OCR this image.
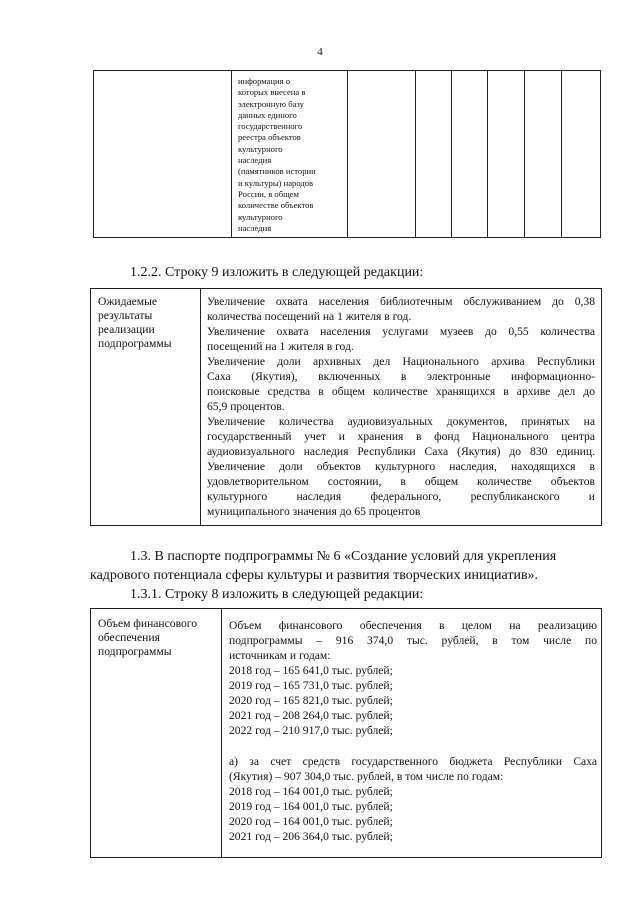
4
информация о
которых внесена в
электронную базу
данных единого
государственного
реестра объектов
культурного
наследия
(памятников истории
и культуры) народов
России, в общем
количестве объектов
культурного
наследия
1.2.2. Строку 9 изложить в следующей редакции:
Ожидаемые
результаты
реализации
подпрограммы
Увеличение охвата населения библиотечным обслуживанием до 0,38
количества посещений на 1 жителя в год.
Увеличение охвата населения услугами музеев до 0,55 количества
посещений на 1 жителя в год.
Увеличение доли архивных дел Национального архива Республики
Саха (Якутия), включенных в электронные информационно-
поисковые средства в общем количестве хранящихся в архиве дел до
65,9 процентов.
Увеличение количества аудиовизуальных документов, принятых на
государственный учет и хранения в фонд Национального центра
аудиовизуального наследия Республики Саха (Якутия) до 830 единиц.
Увеличение доли объектов культурного наследия, находящихся в
удовлетворительном состоянии, в общем количестве объектов
культурного наследия федерального, республиканского и
муниципального значения до 65 процентов
1.3. В паспорте подпрограммы № 6 «Создание условий для укрепления
кадрового потенциала сферы культуры и развития творческих инициатив».
1.3.1. Строку 8 изложить в следующей редакции:
Объем финансового
обеспечения
подпрограммы
Объем финансового обеспечения в целом на реализацию
подпрограммы – 916 374,0 тыс. рублей, в том числе по
источникам и годам:
2018 год – 165 641,0 тыс. рублей;
2019 год – 165 731,0 тыс. рублей;
2020 год – 165 821,0 тыс. рублей;
2021 год – 208 264,0 тыс. рублей;
2022 год – 210 917,0 тыс. рублей;
а) за счет средств государственного бюджета Республики Саха
(Якутия) – 907 304,0 тыс. рублей, в том числе по годам:
2018 год – 164 001,0 тыс. рублей;
2019 год – 164 001,0 тыс. рублей;
2020 год – 164 001,0 тыс. рублей;
2021 год – 206 364,0 тыс. рублей;
